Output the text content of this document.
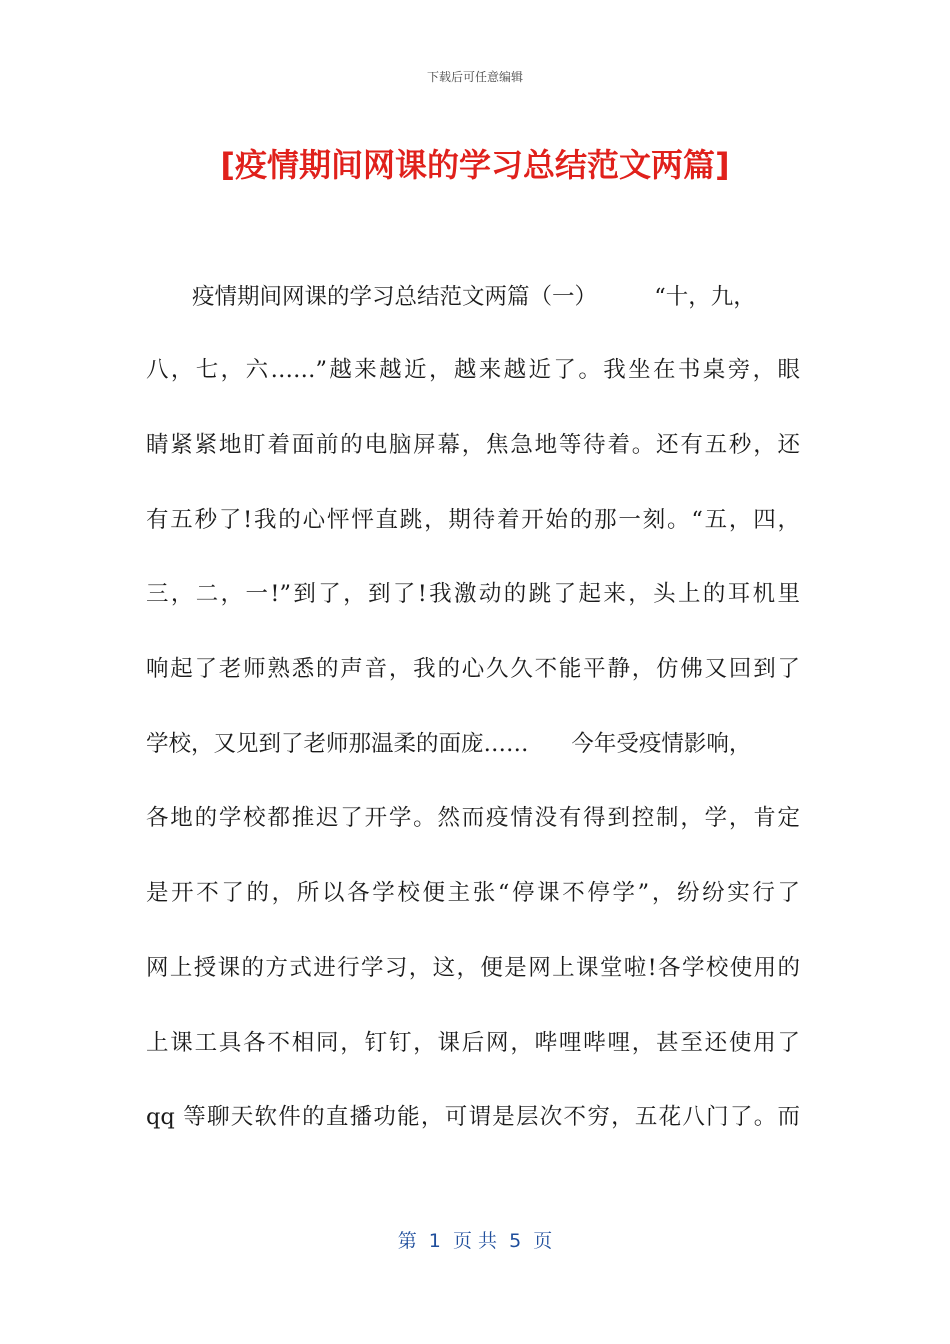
下载后可任意编辑
[疫情期间网课的学习总结范文两篇]
疫情期间网课的学习总结范文两篇（一）        “十，九，
八，七，六……”越来越近，越来越近了。我坐在书桌旁，眼
睛紧紧地盯着面前的电脑屏幕，焦急地等待着。还有五秒，还
有五秒了!我的心怦怦直跳，期待着开始的那一刻。“五，四，
三，二，一!”到了，到了!我激动的跳了起来，头上的耳机里
响起了老师熟悉的声音，我的心久久不能平静，仿佛又回到了
学校，又见到了老师那温柔的面庞……      今年受疫情影响，
各地的学校都推迟了开学。然而疫情没有得到控制，学，肯定
是开不了的，所以各学校便主张“停课不停学”，纷纷实行了
网上授课的方式进行学习，这，便是网上课堂啦!各学校使用的
上课工具各不相同，钉钉，课后网，哔哩哔哩，甚至还使用了
qq 等聊天软件的直播功能，可谓是层次不穷，五花八门了。而
第  1  页 共  5  页
